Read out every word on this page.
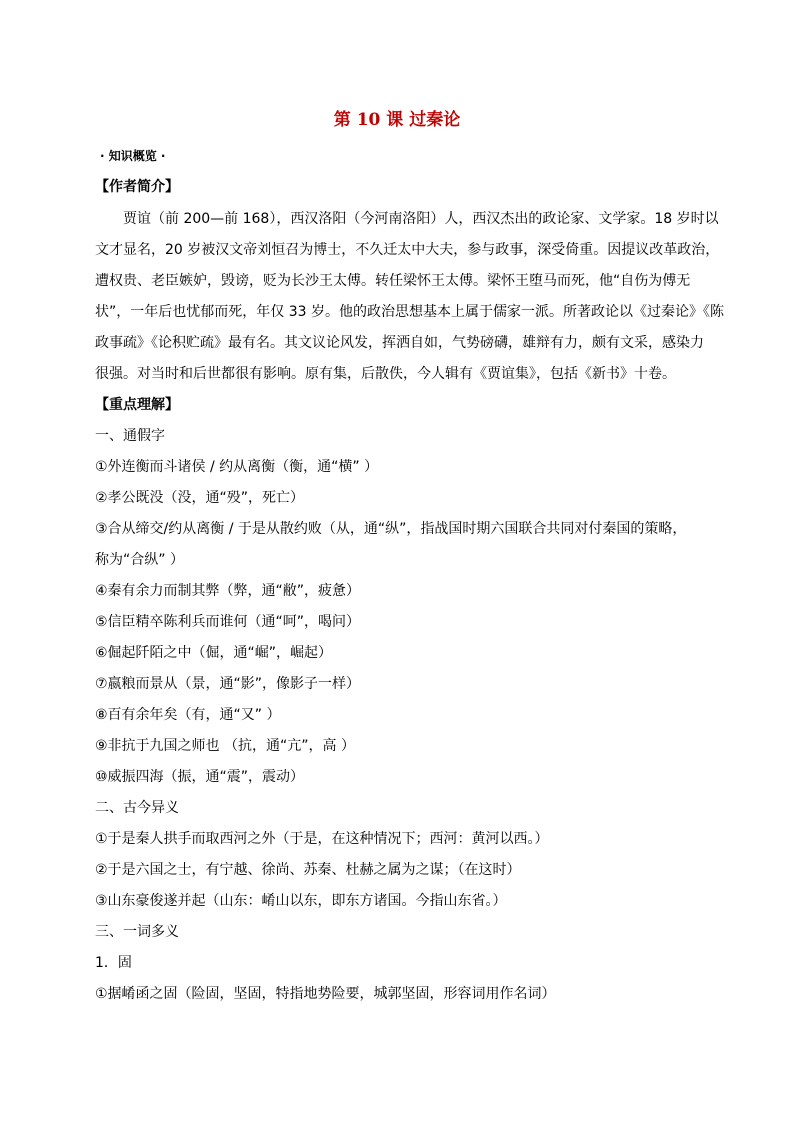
第 10 课 过秦论
· 知识概览 ·
【作者简介】
贾谊（前 200—前 168），西汉洛阳（今河南洛阳）人，西汉杰出的政论家、文学家。18 岁时以
文才显名，20 岁被汉文帝刘恒召为博士，不久迁太中大夫，参与政事，深受倚重。因提议改革政治，
遭权贵、老臣嫉妒，毁谤，贬为长沙王太傅。转任梁怀王太傅。梁怀王堕马而死，他“自伤为傅无
状”，一年后也忧郁而死，年仅 33 岁。他的政治思想基本上属于儒家一派。所著政论以《过秦论》《陈
政事疏》《论积贮疏》最有名。其文议论风发，挥洒自如，气势磅礴，雄辩有力，颇有文采，感染力
很强。对当时和后世都很有影响。原有集，后散佚，今人辑有《贾谊集》，包括《新书》十卷。
【重点理解】
一、通假字
①外连衡而斗诸侯 / 约从离衡（衡，通“横” ）
②孝公既没（没，通“殁”，死亡）
③合从缔交/约从离衡 / 于是从散约败（从，通“纵”，指战国时期六国联合共同对付秦国的策略，
称为“合纵” ）
④秦有余力而制其弊（弊，通“敝”，疲惫）
⑤信臣精卒陈利兵而谁何（通“呵”，喝问）
⑥倔起阡陌之中（倔，通“崛”，崛起）
⑦嬴粮而景从（景，通“影”，像影子一样）
⑧百有余年矣（有，通“又” ）
⑨非抗于九国之师也 （抗，通“亢”，高 ）
⑩威振四海（振，通“震”，震动）
二、古今异义
①于是秦人拱手而取西河之外（于是，在这种情况下；西河：黄河以西。）
②于是六国之士，有宁越、徐尚、苏秦、杜赫之属为之谋；（在这时）
③山东豪俊遂并起（山东：崤山以东，即东方诸国。今指山东省。）
三、一词多义
1．固
①据崤函之固（险固，坚固，特指地势险要，城郭坚固，形容词用作名词）
